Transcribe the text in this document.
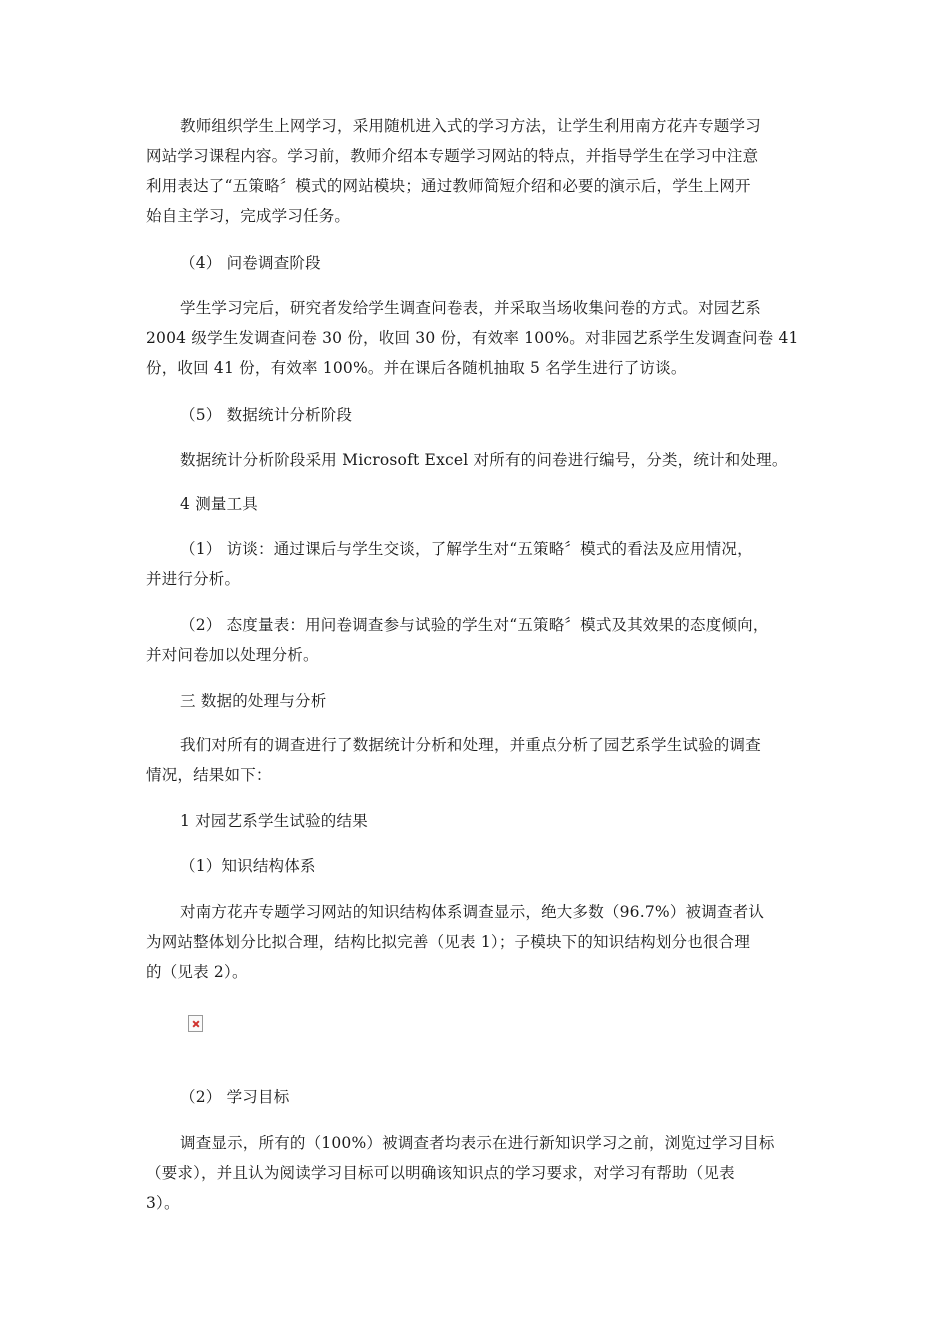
教师组织学生上网学习，采用随机进入式的学习方法，让学生利用南方花卉专题学习
网站学习课程内容。学习前，教师介绍本专题学习网站的特点，并指导学生在学习中注意
利用表达了“五策略〞模式的网站模块；通过教师简短介绍和必要的演示后，学生上网开
始自主学习，完成学习任务。
（4） 问卷调查阶段
学生学习完后，研究者发给学生调查问卷表，并采取当场收集问卷的方式。对园艺系
2004 级学生发调查问卷 30 份，收回 30 份，有效率 100%。对非园艺系学生发调查问卷 41
份，收回 41 份，有效率 100%。并在课后各随机抽取 5 名学生进行了访谈。
（5） 数据统计分析阶段
数据统计分析阶段采用 Microsoft Excel 对所有的问卷进行编号，分类，统计和处理。
4 测量工具
（1） 访谈：通过课后与学生交谈，了解学生对“五策略〞模式的看法及应用情况，
并进行分析。
（2） 态度量表：用问卷调查参与试验的学生对“五策略〞模式及其效果的态度倾向，
并对问卷加以处理分析。
三 数据的处理与分析
我们对所有的调查进行了数据统计分析和处理，并重点分析了园艺系学生试验的调查
情况，结果如下：
1 对园艺系学生试验的结果
（1）知识结构体系
对南方花卉专题学习网站的知识结构体系调查显示，绝大多数（96.7%）被调查者认
为网站整体划分比拟合理，结构比拟完善（见表 1）；子模块下的知识结构划分也很合理
的（见表 2）。
（2） 学习目标
调查显示，所有的（100%）被调查者均表示在进行新知识学习之前，浏览过学习目标
（要求），并且认为阅读学习目标可以明确该知识点的学习要求，对学习有帮助（见表
3）。
